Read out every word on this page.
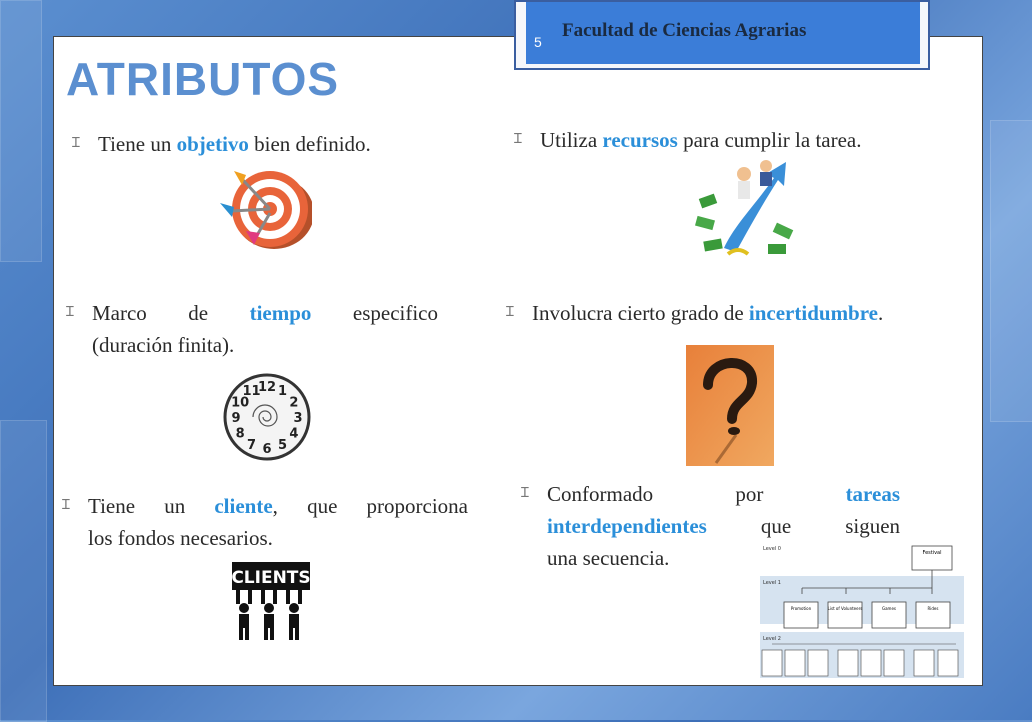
5
Facultad de Ciencias Agrarias
ATRIBUTOS
Ɪ Tiene un objetivo bien definido.	Ɪ Utiliza recursos para cumplir la tarea.
Ɪ Marco de tiempo especifico
(duración finita).
Ɪ Involucra cierto grado de incertidumbre.
Ɪ Tiene un cliente, que proporciona
los fondos necesarios.
Ɪ Conformado	por	tareas
interdependientes	que	siguen
una secuencia.
12 1
2
3
4
5
6
7
8
9
10
11
CLIENTS
Level 0
Level 1
Level 2
Festival
Promotion	List of Volunteers	Games	Rides
